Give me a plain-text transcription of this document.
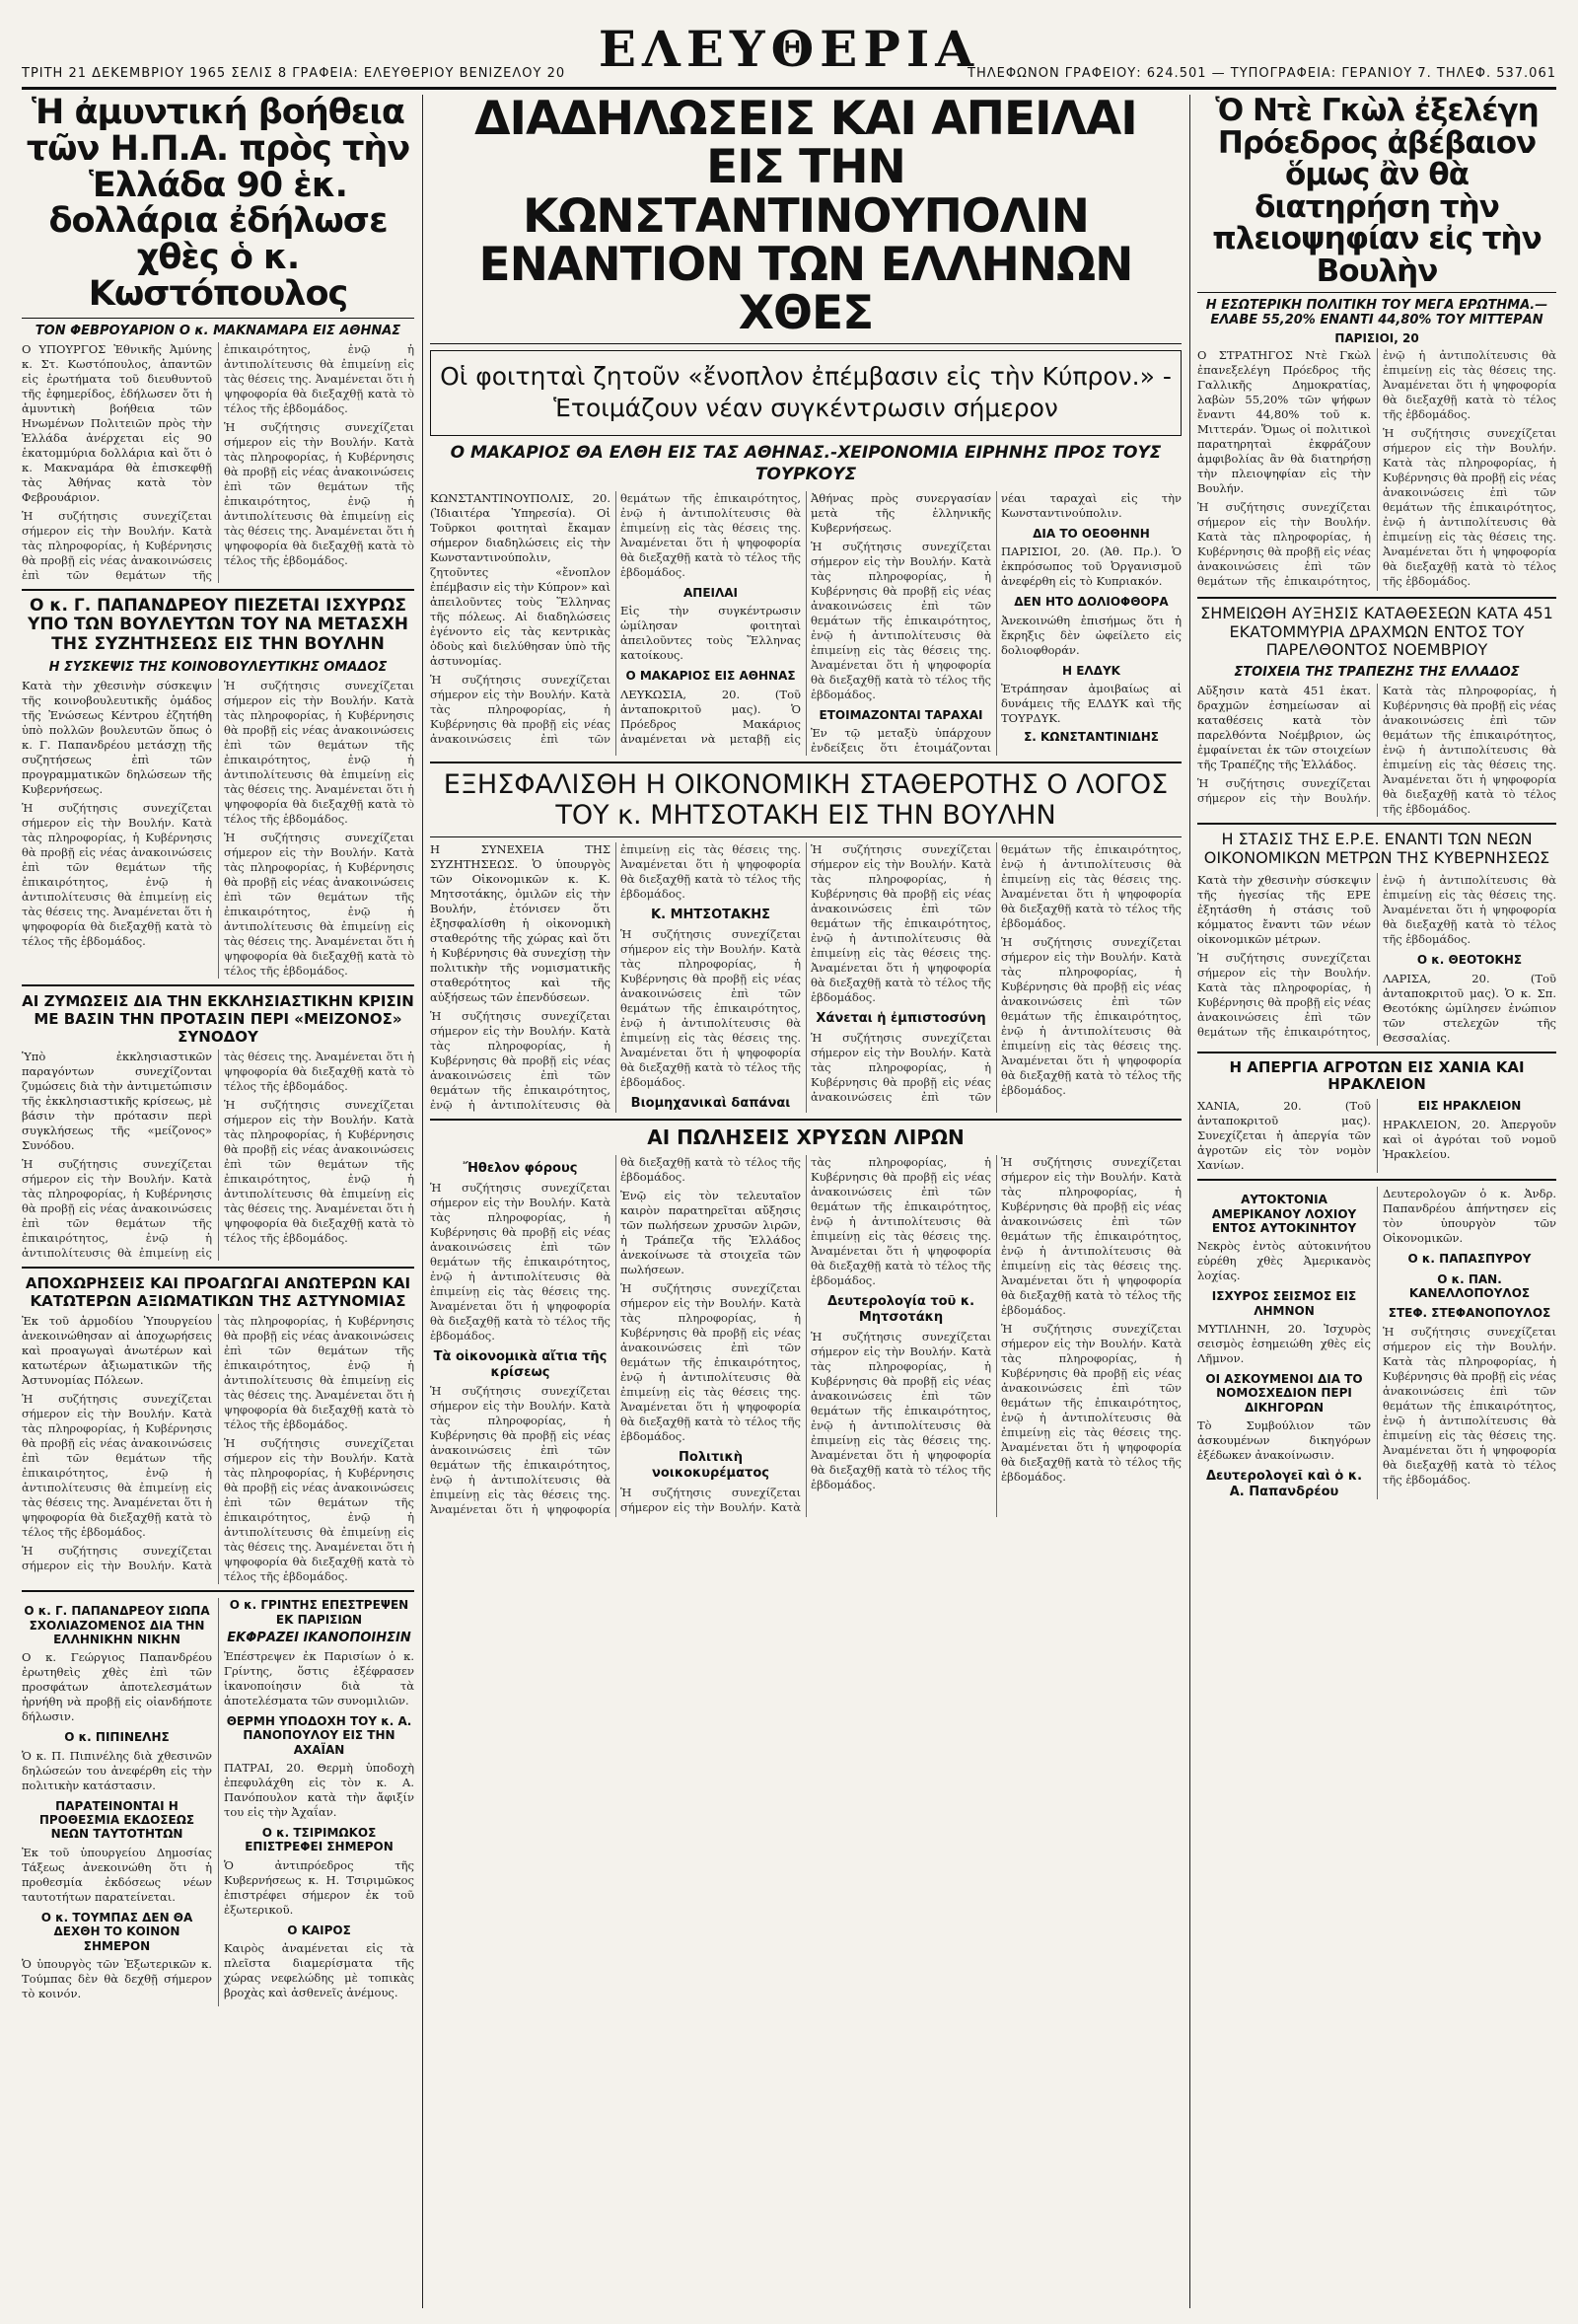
ΤΡΙΤΗ 21 ΔΕΚΕΜΒΡΙΟΥ 1965 ΣΕΛΙΣ 8 ΓΡΑΦΕΙΑ: ΕΛΕΥΘΕΡΙΟΥ ΒΕΝΙΖΕΛΟΥ 20 ΕΛΕΥΘΕΡΙΑ
ΤΗΛΕΦΩΝΟΝ ΓΡΑΦΕΙΟΥ: 624.501 — ΤΥΠΟΓΡΑΦΕΙΑ: ΓΕΡΑΝΙΟΥ 7. ΤΗΛΕΦ. 537.061
Ἡ ἀμυντική βοήθεια τῶν Η.Π.Α. πρὸς τὴν Ἑλλάδα 90 ἑκ. δολλάρια ἐδήλωσε χθὲς ὁ κ. Κωστόπουλος
ΤΟΝ ΦΕΒΡΟΥΑΡΙΟΝ Ο κ. ΜΑΚΝΑΜΑΡΑ ΕΙΣ ΑΘΗΝΑΣ

Ο ΥΠΟΥΡΓΟΣ Ἐθνικῆς Ἀμύνης κ. Στ. Κωστόπουλος, ἀπαντῶν εἰς ἐρωτήματα τοῦ διευθυντοῦ τῆς ἐφημερίδος, ἐδήλωσεν ὅτι ἡ ἀμυντικὴ βοήθεια τῶν Ηνωμένων Πολιτειῶν πρὸς τὴν Ἑλλάδα ἀνέρχεται εἰς 90 ἑκατομμύρια δολλάρια καὶ ὅτι ὁ κ. Μακναμάρα θὰ ἐπισκεφθῇ τὰς Ἀθήνας κατὰ τὸν Φεβρουάριον.

Ἡ συζήτησις συνεχίζεται σήμερον εἰς τὴν Βουλήν. Κατὰ τὰς πληροφορίας, ἡ Κυβέρνησις θὰ προβῇ εἰς νέας ἀνακοινώσεις ἐπὶ τῶν θεμάτων τῆς ἐπικαιρότητος, ἐνῷ ἡ ἀντιπολίτευσις θὰ ἐπιμείνῃ εἰς τὰς θέσεις της. Ἀναμένεται ὅτι ἡ ψηφοφορία θὰ διεξαχθῇ κατὰ τὸ τέλος τῆς ἑβδομάδος.

Ἡ συζήτησις συνεχίζεται σήμερον εἰς τὴν Βουλήν. Κατὰ τὰς πληροφορίας, ἡ Κυβέρνησις θὰ προβῇ εἰς νέας ἀνακοινώσεις ἐπὶ τῶν θεμάτων τῆς ἐπικαιρότητος, ἐνῷ ἡ ἀντιπολίτευσις θὰ ἐπιμείνῃ εἰς τὰς θέσεις της. Ἀναμένεται ὅτι ἡ ψηφοφορία θὰ διεξαχθῇ κατὰ τὸ τέλος τῆς ἑβδομάδος.

Ο κ. Γ. ΠΑΠΑΝΔΡΕΟΥ ΠΙΕΖΕΤΑΙ ΙΣΧΥΡΩΣ ΥΠΟ ΤΩΝ ΒΟΥΛΕΥΤΩΝ ΤΟΥ ΝΑ ΜΕΤΑΣΧΗ ΤΗΣ ΣΥΖΗΤΗΣΕΩΣ ΕΙΣ ΤΗΝ ΒΟΥΛΗΝ
Η ΣΥΣΚΕΨΙΣ ΤΗΣ ΚΟΙΝΟΒΟΥΛΕΥΤΙΚΗΣ ΟΜΑΔΟΣ

Κατὰ τὴν χθεσινὴν σύσκεψιν τῆς κοινοβουλευτικῆς ὁμάδος τῆς Ἐνώσεως Κέντρου ἐζητήθη ὑπὸ πολλῶν βουλευτῶν ὅπως ὁ κ. Γ. Παπανδρέου μετάσχῃ τῆς συζητήσεως ἐπὶ τῶν προγραμματικῶν δηλώσεων τῆς Κυβερνήσεως.

Ἡ συζήτησις συνεχίζεται σήμερον εἰς τὴν Βουλήν. Κατὰ τὰς πληροφορίας, ἡ Κυβέρνησις θὰ προβῇ εἰς νέας ἀνακοινώσεις ἐπὶ τῶν θεμάτων τῆς ἐπικαιρότητος, ἐνῷ ἡ ἀντιπολίτευσις θὰ ἐπιμείνῃ εἰς τὰς θέσεις της. Ἀναμένεται ὅτι ἡ ψηφοφορία θὰ διεξαχθῇ κατὰ τὸ τέλος τῆς ἑβδομάδος.

Ἡ συζήτησις συνεχίζεται σήμερον εἰς τὴν Βουλήν. Κατὰ τὰς πληροφορίας, ἡ Κυβέρνησις θὰ προβῇ εἰς νέας ἀνακοινώσεις ἐπὶ τῶν θεμάτων τῆς ἐπικαιρότητος, ἐνῷ ἡ ἀντιπολίτευσις θὰ ἐπιμείνῃ εἰς τὰς θέσεις της. Ἀναμένεται ὅτι ἡ ψηφοφορία θὰ διεξαχθῇ κατὰ τὸ τέλος τῆς ἑβδομάδος.

Ἡ συζήτησις συνεχίζεται σήμερον εἰς τὴν Βουλήν. Κατὰ τὰς πληροφορίας, ἡ Κυβέρνησις θὰ προβῇ εἰς νέας ἀνακοινώσεις ἐπὶ τῶν θεμάτων τῆς ἐπικαιρότητος, ἐνῷ ἡ ἀντιπολίτευσις θὰ ἐπιμείνῃ εἰς τὰς θέσεις της. Ἀναμένεται ὅτι ἡ ψηφοφορία θὰ διεξαχθῇ κατὰ τὸ τέλος τῆς ἑβδομάδος.

ΑΙ ΖΥΜΩΣΕΙΣ ΔΙΑ ΤΗΝ ΕΚΚΛΗΣΙΑΣΤΙΚΗΝ ΚΡΙΣΙΝ ΜΕ ΒΑΣΙΝ ΤΗΝ ΠΡΟΤΑΣΙΝ ΠΕΡΙ «ΜΕΙΖΟΝΟΣ» ΣΥΝΟΔΟΥ

Ὑπὸ ἐκκλησιαστικῶν παραγόντων συνεχίζονται ζυμώσεις διὰ τὴν ἀντιμετώπισιν τῆς ἐκκλησιαστικῆς κρίσεως, μὲ βάσιν τὴν πρότασιν περὶ συγκλήσεως τῆς «μείζονος» Συνόδου.

Ἡ συζήτησις συνεχίζεται σήμερον εἰς τὴν Βουλήν. Κατὰ τὰς πληροφορίας, ἡ Κυβέρνησις θὰ προβῇ εἰς νέας ἀνακοινώσεις ἐπὶ τῶν θεμάτων τῆς ἐπικαιρότητος, ἐνῷ ἡ ἀντιπολίτευσις θὰ ἐπιμείνῃ εἰς τὰς θέσεις της. Ἀναμένεται ὅτι ἡ ψηφοφορία θὰ διεξαχθῇ κατὰ τὸ τέλος τῆς ἑβδομάδος.

Ἡ συζήτησις συνεχίζεται σήμερον εἰς τὴν Βουλήν. Κατὰ τὰς πληροφορίας, ἡ Κυβέρνησις θὰ προβῇ εἰς νέας ἀνακοινώσεις ἐπὶ τῶν θεμάτων τῆς ἐπικαιρότητος, ἐνῷ ἡ ἀντιπολίτευσις θὰ ἐπιμείνῃ εἰς τὰς θέσεις της. Ἀναμένεται ὅτι ἡ ψηφοφορία θὰ διεξαχθῇ κατὰ τὸ τέλος τῆς ἑβδομάδος.

ΑΠΟΧΩΡΗΣΕΙΣ ΚΑΙ ΠΡΟΑΓΩΓΑΙ ΑΝΩΤΕΡΩΝ ΚΑΙ ΚΑΤΩΤΕΡΩΝ ΑΞΙΩΜΑΤΙΚΩΝ ΤΗΣ ΑΣΤΥΝΟΜΙΑΣ

Ἐκ τοῦ ἁρμοδίου Ὑπουργείου ἀνεκοινώθησαν αἱ ἀποχωρήσεις καὶ προαγωγαὶ ἀνωτέρων καὶ κατωτέρων ἀξιωματικῶν τῆς Ἀστυνομίας Πόλεων.

Ἡ συζήτησις συνεχίζεται σήμερον εἰς τὴν Βουλήν. Κατὰ τὰς πληροφορίας, ἡ Κυβέρνησις θὰ προβῇ εἰς νέας ἀνακοινώσεις ἐπὶ τῶν θεμάτων τῆς ἐπικαιρότητος, ἐνῷ ἡ ἀντιπολίτευσις θὰ ἐπιμείνῃ εἰς τὰς θέσεις της. Ἀναμένεται ὅτι ἡ ψηφοφορία θὰ διεξαχθῇ κατὰ τὸ τέλος τῆς ἑβδομάδος.

Ἡ συζήτησις συνεχίζεται σήμερον εἰς τὴν Βουλήν. Κατὰ τὰς πληροφορίας, ἡ Κυβέρνησις θὰ προβῇ εἰς νέας ἀνακοινώσεις ἐπὶ τῶν θεμάτων τῆς ἐπικαιρότητος, ἐνῷ ἡ ἀντιπολίτευσις θὰ ἐπιμείνῃ εἰς τὰς θέσεις της. Ἀναμένεται ὅτι ἡ ψηφοφορία θὰ διεξαχθῇ κατὰ τὸ τέλος τῆς ἑβδομάδος.

Ἡ συζήτησις συνεχίζεται σήμερον εἰς τὴν Βουλήν. Κατὰ τὰς πληροφορίας, ἡ Κυβέρνησις θὰ προβῇ εἰς νέας ἀνακοινώσεις ἐπὶ τῶν θεμάτων τῆς ἐπικαιρότητος, ἐνῷ ἡ ἀντιπολίτευσις θὰ ἐπιμείνῃ εἰς τὰς θέσεις της. Ἀναμένεται ὅτι ἡ ψηφοφορία θὰ διεξαχθῇ κατὰ τὸ τέλος τῆς ἑβδομάδος.

Ο κ. Γ. ΠΑΠΑΝΔΡΕΟΥ ΣΙΩΠΑ ΣΧΟΛΙΑΖΟΜΕΝΟΣ ΔΙΑ ΤΗΝ ΕΛΛΗΝΙΚΗΝ ΝΙΚΗΝ

Ο κ. Γεώργιος Παπανδρέου ἐρωτηθεὶς χθὲς ἐπὶ τῶν προσφάτων ἀποτελεσμάτων ἠρνήθη νὰ προβῇ εἰς οἱανδήποτε δήλωσιν.

Ο κ. ΠΙΠΙΝΕΛΗΣ

Ὁ κ. Π. Πιπινέλης διὰ χθεσινῶν δηλώσεών του ἀνεφέρθη εἰς τὴν πολιτικὴν κατάστασιν.

ΠΑΡΑΤΕΙΝΟΝΤΑΙ Η ΠΡΟΘΕΣΜΙΑ ΕΚΔΟΣΕΩΣ ΝΕΩΝ ΤΑΥΤΟΤΗΤΩΝ

Ἐκ τοῦ ὑπουργείου Δημοσίας Τάξεως ἀνεκοινώθη ὅτι ἡ προθεσμία ἐκδόσεως νέων ταυτοτήτων παρατείνεται.

Ο κ. ΤΟΥΜΠΑΣ ΔΕΝ ΘΑ ΔΕΧΘΗ ΤΟ ΚΟΙΝΟΝ ΣΗΜΕΡΟΝ

Ὁ ὑπουργὸς τῶν Ἐξωτερικῶν κ. Τούμπας δὲν θὰ δεχθῇ σήμερον τὸ κοινόν.

Ο κ. ΓΡΙΝΤΗΣ ΕΠΕΣΤΡΕΨΕΝ ΕΚ ΠΑΡΙΣΙΩΝ
ΕΚΦΡΑΖΕΙ ΙΚΑΝΟΠΟΙΗΣΙΝ

Ἐπέστρεψεν ἐκ Παρισίων ὁ κ. Γρίντης, ὅστις ἐξέφρασεν ἱκανοποίησιν διὰ τὰ ἀποτελέσματα τῶν συνομιλιῶν.

ΘΕΡΜΗ ΥΠΟΔΟΧΗ ΤΟΥ κ. Α. ΠΑΝΟΠΟΥΛΟΥ ΕΙΣ ΤΗΝ ΑΧΑΪΑΝ

ΠΑΤΡΑΙ, 20. Θερμὴ ὑποδοχὴ ἐπεφυλάχθη εἰς τὸν κ. Α. Πανόπουλον κατὰ τὴν ἄφιξίν του εἰς τὴν Ἀχαΐαν.

Ο κ. ΤΣΙΡΙΜΩΚΟΣ ΕΠΙΣΤΡΕΦΕΙ ΣΗΜΕΡΟΝ

Ὁ ἀντιπρόεδρος τῆς Κυβερνήσεως κ. Η. Τσιριμῶκος ἐπιστρέφει σήμερον ἐκ τοῦ ἐξωτερικοῦ.

Ο ΚΑΙΡΟΣ

Καιρὸς ἀναμένεται εἰς τὰ πλεῖστα διαμερίσματα τῆς χώρας νεφελώδης μὲ τοπικὰς βροχὰς καὶ ἀσθενεῖς ἀνέμους.

ΔΙΑΔΗΛΩΣΕΙΣ ΚΑΙ ΑΠΕΙΛΑΙ ΕΙΣ ΤΗΝ ΚΩΝΣΤΑΝΤΙΝΟΥΠΟΛΙΝ ΕΝΑΝΤΙΟΝ ΤΩΝ ΕΛΛΗΝΩΝ ΧΘΕΣ
Οἱ φοιτηταὶ ζητοῦν «ἔνοπλον ἐπέμβασιν εἰς τὴν Κύπρον.» - Ἑτοιμάζουν νέαν συγκέντρωσιν σήμερον
Ο ΜΑΚΑΡΙΟΣ ΘΑ ΕΛΘΗ ΕΙΣ ΤΑΣ ΑΘΗΝΑΣ.-ΧΕΙΡΟΝΟΜΙΑ ΕΙΡΗΝΗΣ ΠΡΟΣ ΤΟΥΣ ΤΟΥΡΚΟΥΣ

ΚΩΝΣΤΑΝΤΙΝΟΥΠΟΛΙΣ, 20. (Ἰδιαιτέρα Ὑπηρεσία). Οἱ Τοῦρκοι φοιτηταὶ ἔκαμαν σήμερον διαδηλώσεις εἰς τὴν Κωνσταντινούπολιν, ζητοῦντες «ἔνοπλον ἐπέμβασιν εἰς τὴν Κύπρον» καὶ ἀπειλοῦντες τοὺς Ἕλληνας τῆς πόλεως. Αἱ διαδηλώσεις ἐγένοντο εἰς τὰς κεντρικὰς ὁδοὺς καὶ διελύθησαν ὑπὸ τῆς ἀστυνομίας.

Ἡ συζήτησις συνεχίζεται σήμερον εἰς τὴν Βουλήν. Κατὰ τὰς πληροφορίας, ἡ Κυβέρνησις θὰ προβῇ εἰς νέας ἀνακοινώσεις ἐπὶ τῶν θεμάτων τῆς ἐπικαιρότητος, ἐνῷ ἡ ἀντιπολίτευσις θὰ ἐπιμείνῃ εἰς τὰς θέσεις της. Ἀναμένεται ὅτι ἡ ψηφοφορία θὰ διεξαχθῇ κατὰ τὸ τέλος τῆς ἑβδομάδος.

ΑΠΕΙΛΑΙ

Εἰς τὴν συγκέντρωσιν ὡμίλησαν φοιτηταὶ ἀπειλοῦντες τοὺς Ἕλληνας κατοίκους.

Ο ΜΑΚΑΡΙΟΣ ΕΙΣ ΑΘΗΝΑΣ

ΛΕΥΚΩΣΙΑ, 20. (Τοῦ ἀνταποκριτοῦ μας). Ὁ Πρόεδρος Μακάριος ἀναμένεται νὰ μεταβῇ εἰς Ἀθήνας πρὸς συνεργασίαν μετὰ τῆς ἑλληνικῆς Κυβερνήσεως.

Ἡ συζήτησις συνεχίζεται σήμερον εἰς τὴν Βουλήν. Κατὰ τὰς πληροφορίας, ἡ Κυβέρνησις θὰ προβῇ εἰς νέας ἀνακοινώσεις ἐπὶ τῶν θεμάτων τῆς ἐπικαιρότητος, ἐνῷ ἡ ἀντιπολίτευσις θὰ ἐπιμείνῃ εἰς τὰς θέσεις της. Ἀναμένεται ὅτι ἡ ψηφοφορία θὰ διεξαχθῇ κατὰ τὸ τέλος τῆς ἑβδομάδος.

ΕΤΟΙΜΑΖΟΝΤΑΙ ΤΑΡΑΧΑΙ

Ἐν τῷ μεταξὺ ὑπάρχουν ἐνδείξεις ὅτι ἑτοιμάζονται νέαι ταραχαὶ εἰς τὴν Κωνσταντινούπολιν.

ΔΙΑ ΤΟ ΟΕΟΘΗΝΗ

ΠΑΡΙΣΙΟΙ, 20. (Ἀθ. Πρ.). Ὁ ἐκπρόσωπος τοῦ Ὀργανισμοῦ ἀνεφέρθη εἰς τὸ Κυπριακόν.

ΔΕΝ ΗΤΟ ΔΟΛΙΟΦΘΟΡΑ

Ἀνεκοινώθη ἐπισήμως ὅτι ἡ ἔκρηξις δὲν ὠφείλετο εἰς δολιοφθοράν.

Η ΕΛΔΥΚ

Ἐτράπησαν ἀμοιβαίως αἱ δυνάμεις τῆς ΕΛΔΥΚ καὶ τῆς ΤΟΥΡΔΥΚ.

Σ. ΚΩΝΣΤΑΝΤΙΝΙΔΗΣ
ΕΞΗΣΦΑΛΙΣΘΗ Η ΟΙΚΟΝΟΜΙΚΗ ΣΤΑΘΕΡΟΤΗΣ Ο ΛΟΓΟΣ ΤΟΥ κ. ΜΗΤΣΟΤΑΚΗ ΕΙΣ ΤΗΝ ΒΟΥΛΗΝ

Η ΣΥΝΕΧΕΙΑ ΤΗΣ ΣΥΖΗΤΗΣΕΩΣ. Ὁ ὑπουργὸς τῶν Οἰκονομικῶν κ. Κ. Μητσοτάκης, ὁμιλῶν εἰς τὴν Βουλήν, ἐτόνισεν ὅτι ἐξησφαλίσθη ἡ οἰκονομικὴ σταθερότης τῆς χώρας καὶ ὅτι ἡ Κυβέρνησις θὰ συνεχίσῃ τὴν πολιτικὴν τῆς νομισματικῆς σταθερότητος καὶ τῆς αὐξήσεως τῶν ἐπενδύσεων.

Ἡ συζήτησις συνεχίζεται σήμερον εἰς τὴν Βουλήν. Κατὰ τὰς πληροφορίας, ἡ Κυβέρνησις θὰ προβῇ εἰς νέας ἀνακοινώσεις ἐπὶ τῶν θεμάτων τῆς ἐπικαιρότητος, ἐνῷ ἡ ἀντιπολίτευσις θὰ ἐπιμείνῃ εἰς τὰς θέσεις της. Ἀναμένεται ὅτι ἡ ψηφοφορία θὰ διεξαχθῇ κατὰ τὸ τέλος τῆς ἑβδομάδος.

Κ. ΜΗΤΣΟΤΑΚΗΣ

Ἡ συζήτησις συνεχίζεται σήμερον εἰς τὴν Βουλήν. Κατὰ τὰς πληροφορίας, ἡ Κυβέρνησις θὰ προβῇ εἰς νέας ἀνακοινώσεις ἐπὶ τῶν θεμάτων τῆς ἐπικαιρότητος, ἐνῷ ἡ ἀντιπολίτευσις θὰ ἐπιμείνῃ εἰς τὰς θέσεις της. Ἀναμένεται ὅτι ἡ ψηφοφορία θὰ διεξαχθῇ κατὰ τὸ τέλος τῆς ἑβδομάδος.

Βιομηχανικαὶ δαπάναι

Ἡ συζήτησις συνεχίζεται σήμερον εἰς τὴν Βουλήν. Κατὰ τὰς πληροφορίας, ἡ Κυβέρνησις θὰ προβῇ εἰς νέας ἀνακοινώσεις ἐπὶ τῶν θεμάτων τῆς ἐπικαιρότητος, ἐνῷ ἡ ἀντιπολίτευσις θὰ ἐπιμείνῃ εἰς τὰς θέσεις της. Ἀναμένεται ὅτι ἡ ψηφοφορία θὰ διεξαχθῇ κατὰ τὸ τέλος τῆς ἑβδομάδος.

Χάνεται ἡ ἐμπιστοσύνη

Ἡ συζήτησις συνεχίζεται σήμερον εἰς τὴν Βουλήν. Κατὰ τὰς πληροφορίας, ἡ Κυβέρνησις θὰ προβῇ εἰς νέας ἀνακοινώσεις ἐπὶ τῶν θεμάτων τῆς ἐπικαιρότητος, ἐνῷ ἡ ἀντιπολίτευσις θὰ ἐπιμείνῃ εἰς τὰς θέσεις της. Ἀναμένεται ὅτι ἡ ψηφοφορία θὰ διεξαχθῇ κατὰ τὸ τέλος τῆς ἑβδομάδος.

Ἡ συζήτησις συνεχίζεται σήμερον εἰς τὴν Βουλήν. Κατὰ τὰς πληροφορίας, ἡ Κυβέρνησις θὰ προβῇ εἰς νέας ἀνακοινώσεις ἐπὶ τῶν θεμάτων τῆς ἐπικαιρότητος, ἐνῷ ἡ ἀντιπολίτευσις θὰ ἐπιμείνῃ εἰς τὰς θέσεις της. Ἀναμένεται ὅτι ἡ ψηφοφορία θὰ διεξαχθῇ κατὰ τὸ τέλος τῆς ἑβδομάδος.

ΑΙ ΠΩΛΗΣΕΙΣ ΧΡΥΣΩΝ ΛΙΡΩΝ
Ἤθελον φόρους

Ἡ συζήτησις συνεχίζεται σήμερον εἰς τὴν Βουλήν. Κατὰ τὰς πληροφορίας, ἡ Κυβέρνησις θὰ προβῇ εἰς νέας ἀνακοινώσεις ἐπὶ τῶν θεμάτων τῆς ἐπικαιρότητος, ἐνῷ ἡ ἀντιπολίτευσις θὰ ἐπιμείνῃ εἰς τὰς θέσεις της. Ἀναμένεται ὅτι ἡ ψηφοφορία θὰ διεξαχθῇ κατὰ τὸ τέλος τῆς ἑβδομάδος.

Τὰ οἰκονομικὰ αἴτια τῆς κρίσεως

Ἡ συζήτησις συνεχίζεται σήμερον εἰς τὴν Βουλήν. Κατὰ τὰς πληροφορίας, ἡ Κυβέρνησις θὰ προβῇ εἰς νέας ἀνακοινώσεις ἐπὶ τῶν θεμάτων τῆς ἐπικαιρότητος, ἐνῷ ἡ ἀντιπολίτευσις θὰ ἐπιμείνῃ εἰς τὰς θέσεις της. Ἀναμένεται ὅτι ἡ ψηφοφορία θὰ διεξαχθῇ κατὰ τὸ τέλος τῆς ἑβδομάδος.

Ἐνῷ εἰς τὸν τελευταῖον καιρὸν παρατηρεῖται αὔξησις τῶν πωλήσεων χρυσῶν λιρῶν, ἡ Τράπεζα τῆς Ἑλλάδος ἀνεκοίνωσε τὰ στοιχεῖα τῶν πωλήσεων.

Ἡ συζήτησις συνεχίζεται σήμερον εἰς τὴν Βουλήν. Κατὰ τὰς πληροφορίας, ἡ Κυβέρνησις θὰ προβῇ εἰς νέας ἀνακοινώσεις ἐπὶ τῶν θεμάτων τῆς ἐπικαιρότητος, ἐνῷ ἡ ἀντιπολίτευσις θὰ ἐπιμείνῃ εἰς τὰς θέσεις της. Ἀναμένεται ὅτι ἡ ψηφοφορία θὰ διεξαχθῇ κατὰ τὸ τέλος τῆς ἑβδομάδος.

Πολιτικὴ νοικοκυρέματος

Ἡ συζήτησις συνεχίζεται σήμερον εἰς τὴν Βουλήν. Κατὰ τὰς πληροφορίας, ἡ Κυβέρνησις θὰ προβῇ εἰς νέας ἀνακοινώσεις ἐπὶ τῶν θεμάτων τῆς ἐπικαιρότητος, ἐνῷ ἡ ἀντιπολίτευσις θὰ ἐπιμείνῃ εἰς τὰς θέσεις της. Ἀναμένεται ὅτι ἡ ψηφοφορία θὰ διεξαχθῇ κατὰ τὸ τέλος τῆς ἑβδομάδος.

Δευτερολογία τοῦ κ. Μητσοτάκη

Ἡ συζήτησις συνεχίζεται σήμερον εἰς τὴν Βουλήν. Κατὰ τὰς πληροφορίας, ἡ Κυβέρνησις θὰ προβῇ εἰς νέας ἀνακοινώσεις ἐπὶ τῶν θεμάτων τῆς ἐπικαιρότητος, ἐνῷ ἡ ἀντιπολίτευσις θὰ ἐπιμείνῃ εἰς τὰς θέσεις της. Ἀναμένεται ὅτι ἡ ψηφοφορία θὰ διεξαχθῇ κατὰ τὸ τέλος τῆς ἑβδομάδος.

Ἡ συζήτησις συνεχίζεται σήμερον εἰς τὴν Βουλήν. Κατὰ τὰς πληροφορίας, ἡ Κυβέρνησις θὰ προβῇ εἰς νέας ἀνακοινώσεις ἐπὶ τῶν θεμάτων τῆς ἐπικαιρότητος, ἐνῷ ἡ ἀντιπολίτευσις θὰ ἐπιμείνῃ εἰς τὰς θέσεις της. Ἀναμένεται ὅτι ἡ ψηφοφορία θὰ διεξαχθῇ κατὰ τὸ τέλος τῆς ἑβδομάδος.

Ἡ συζήτησις συνεχίζεται σήμερον εἰς τὴν Βουλήν. Κατὰ τὰς πληροφορίας, ἡ Κυβέρνησις θὰ προβῇ εἰς νέας ἀνακοινώσεις ἐπὶ τῶν θεμάτων τῆς ἐπικαιρότητος, ἐνῷ ἡ ἀντιπολίτευσις θὰ ἐπιμείνῃ εἰς τὰς θέσεις της. Ἀναμένεται ὅτι ἡ ψηφοφορία θὰ διεξαχθῇ κατὰ τὸ τέλος τῆς ἑβδομάδος.

Ὁ Ντὲ Γκὼλ ἐξελέγη Πρόεδρος ἀβέβαιον ὅμως ἂν θὰ διατηρήση τὴν πλειοψηφίαν εἰς τὴν Βουλὴν
Η ΕΣΩΤΕΡΙΚΗ ΠΟΛΙΤΙΚΗ ΤΟΥ ΜΕΓΑ ΕΡΩΤΗΜΑ.—ΕΛΑΒΕ 55,20% ΕΝΑΝΤΙ 44,80% ΤΟΥ ΜΙΤΤΕΡΑΝ
ΠΑΡΙΣΙΟΙ, 20

Ο ΣΤΡΑΤΗΓΟΣ Ντὲ Γκὼλ ἐπανεξελέγη Πρόεδρος τῆς Γαλλικῆς Δημοκρατίας, λαβὼν 55,20% τῶν ψήφων ἔναντι 44,80% τοῦ κ. Μιττεράν. Ὅμως οἱ πολιτικοὶ παρατηρηταὶ ἐκφράζουν ἀμφιβολίας ἂν θὰ διατηρήσῃ τὴν πλειοψηφίαν εἰς τὴν Βουλήν.

Ἡ συζήτησις συνεχίζεται σήμερον εἰς τὴν Βουλήν. Κατὰ τὰς πληροφορίας, ἡ Κυβέρνησις θὰ προβῇ εἰς νέας ἀνακοινώσεις ἐπὶ τῶν θεμάτων τῆς ἐπικαιρότητος, ἐνῷ ἡ ἀντιπολίτευσις θὰ ἐπιμείνῃ εἰς τὰς θέσεις της. Ἀναμένεται ὅτι ἡ ψηφοφορία θὰ διεξαχθῇ κατὰ τὸ τέλος τῆς ἑβδομάδος.

Ἡ συζήτησις συνεχίζεται σήμερον εἰς τὴν Βουλήν. Κατὰ τὰς πληροφορίας, ἡ Κυβέρνησις θὰ προβῇ εἰς νέας ἀνακοινώσεις ἐπὶ τῶν θεμάτων τῆς ἐπικαιρότητος, ἐνῷ ἡ ἀντιπολίτευσις θὰ ἐπιμείνῃ εἰς τὰς θέσεις της. Ἀναμένεται ὅτι ἡ ψηφοφορία θὰ διεξαχθῇ κατὰ τὸ τέλος τῆς ἑβδομάδος.

ΣΗΜΕΙΩΘΗ ΑΥΞΗΣΙΣ ΚΑΤΑΘΕΣΕΩΝ ΚΑΤΑ 451 ΕΚΑΤΟΜΜΥΡΙΑ ΔΡΑΧΜΩΝ ΕΝΤΟΣ ΤΟΥ ΠΑΡΕΛΘΟΝΤΟΣ ΝΟΕΜΒΡΙΟΥ
ΣΤΟΙΧΕΙΑ ΤΗΣ ΤΡΑΠΕΖΗΣ ΤΗΣ ΕΛΛΑΔΟΣ

Αὔξησιν κατὰ 451 ἑκατ. δραχμῶν ἐσημείωσαν αἱ καταθέσεις κατὰ τὸν παρελθόντα Νοέμβριον, ὡς ἐμφαίνεται ἐκ τῶν στοιχείων τῆς Τραπέζης τῆς Ἑλλάδος.

Ἡ συζήτησις συνεχίζεται σήμερον εἰς τὴν Βουλήν. Κατὰ τὰς πληροφορίας, ἡ Κυβέρνησις θὰ προβῇ εἰς νέας ἀνακοινώσεις ἐπὶ τῶν θεμάτων τῆς ἐπικαιρότητος, ἐνῷ ἡ ἀντιπολίτευσις θὰ ἐπιμείνῃ εἰς τὰς θέσεις της. Ἀναμένεται ὅτι ἡ ψηφοφορία θὰ διεξαχθῇ κατὰ τὸ τέλος τῆς ἑβδομάδος.

Η ΣΤΑΣΙΣ ΤΗΣ Ε.Ρ.Ε. ΕΝΑΝΤΙ ΤΩΝ ΝΕΩΝ ΟΙΚΟΝΟΜΙΚΩΝ ΜΕΤΡΩΝ ΤΗΣ ΚΥΒΕΡΝΗΣΕΩΣ

Κατὰ τὴν χθεσινὴν σύσκεψιν τῆς ἡγεσίας τῆς ΕΡΕ ἐξητάσθη ἡ στάσις τοῦ κόμματος ἔναντι τῶν νέων οἰκονομικῶν μέτρων.

Ἡ συζήτησις συνεχίζεται σήμερον εἰς τὴν Βουλήν. Κατὰ τὰς πληροφορίας, ἡ Κυβέρνησις θὰ προβῇ εἰς νέας ἀνακοινώσεις ἐπὶ τῶν θεμάτων τῆς ἐπικαιρότητος, ἐνῷ ἡ ἀντιπολίτευσις θὰ ἐπιμείνῃ εἰς τὰς θέσεις της. Ἀναμένεται ὅτι ἡ ψηφοφορία θὰ διεξαχθῇ κατὰ τὸ τέλος τῆς ἑβδομάδος.

Ο κ. ΘΕΟΤΟΚΗΣ

ΛΑΡΙΣΑ, 20. (Τοῦ ἀνταποκριτοῦ μας). Ὁ κ. Σπ. Θεοτόκης ὡμίλησεν ἐνώπιον τῶν στελεχῶν τῆς Θεσσαλίας.

Η ΑΠΕΡΓΙΑ ΑΓΡΟΤΩΝ ΕΙΣ ΧΑΝΙΑ ΚΑΙ ΗΡΑΚΛΕΙΟΝ

ΧΑΝΙΑ, 20. (Τοῦ ἀνταποκριτοῦ μας). Συνεχίζεται ἡ ἀπεργία τῶν ἀγροτῶν εἰς τὸν νομὸν Χανίων.

ΕΙΣ ΗΡΑΚΛΕΙΟΝ

ΗΡΑΚΛΕΙΟΝ, 20. Ἀπεργοῦν καὶ οἱ ἀγρόται τοῦ νομοῦ Ἡρακλείου.

ΑΥΤΟΚΤΟΝΙΑ ΑΜΕΡΙΚΑΝΟΥ ΛΟΧΙΟΥ ΕΝΤΟΣ ΑΥΤΟΚΙΝΗΤΟΥ

Νεκρὸς ἐντὸς αὐτοκινήτου εὑρέθη χθὲς Ἀμερικανὸς λοχίας.

ΙΣΧΥΡΟΣ ΣΕΙΣΜΟΣ ΕΙΣ ΛΗΜΝΟΝ

ΜΥΤΙΛΗΝΗ, 20. Ἰσχυρὸς σεισμὸς ἐσημειώθη χθὲς εἰς Λῆμνον.

ΟΙ ΑΣΚΟΥΜΕΝΟΙ ΔΙΑ ΤΟ ΝΟΜΟΣΧΕΔΙΟΝ ΠΕΡΙ ΔΙΚΗΓΟΡΩΝ

Τὸ Συμβούλιον τῶν ἀσκουμένων δικηγόρων ἐξέδωκεν ἀνακοίνωσιν.

Δευτερολογεῖ καὶ ὁ κ. Α. Παπανδρέου

Δευτερολογῶν ὁ κ. Ἀνδρ. Παπανδρέου ἀπήντησεν εἰς τὸν ὑπουργὸν τῶν Οἰκονομικῶν.

Ο κ. ΠΑΠΑΣΠΥΡΟΥ
Ο κ. ΠΑΝ. ΚΑΝΕΛΛΟΠΟΥΛΟΣ
ΣΤΕΦ. ΣΤΕΦΑΝΟΠΟΥΛΟΣ

Ἡ συζήτησις συνεχίζεται σήμερον εἰς τὴν Βουλήν. Κατὰ τὰς πληροφορίας, ἡ Κυβέρνησις θὰ προβῇ εἰς νέας ἀνακοινώσεις ἐπὶ τῶν θεμάτων τῆς ἐπικαιρότητος, ἐνῷ ἡ ἀντιπολίτευσις θὰ ἐπιμείνῃ εἰς τὰς θέσεις της. Ἀναμένεται ὅτι ἡ ψηφοφορία θὰ διεξαχθῇ κατὰ τὸ τέλος τῆς ἑβδομάδος.
